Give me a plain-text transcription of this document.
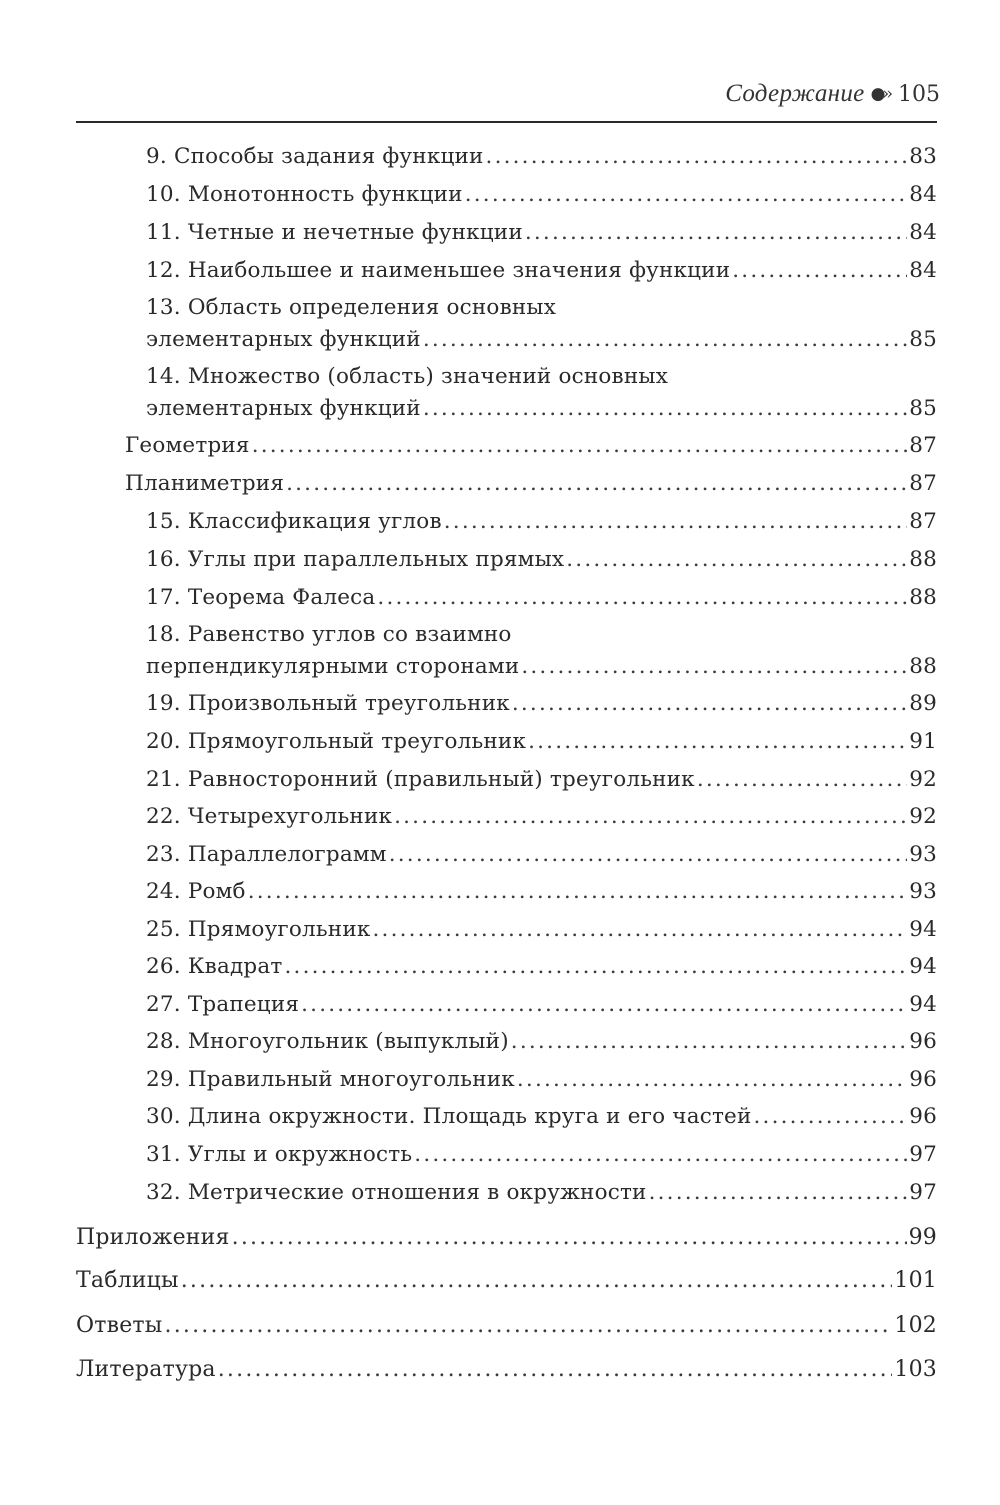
Содержание ●›› 105
9. Способы задания функции .....	83
10. Монотонность функции .....	84
11. Четные и нечетные функции .....	84
12. Наибольшее и наименьшее значения функции .....	84
13. Область определения основных
элементарных функций .....	85
14. Множество (область) значений основных
элементарных функций .....	85
Геометрия .....	87
Планиметрия .....	87
15. Классификация углов .....	87
16. Углы при параллельных прямых .....	88
17. Теорема Фалеса .....	88
18. Равенство углов со взаимно
перпендикулярными сторонами .....	88
19. Произвольный треугольник .....	89
20. Прямоугольный треугольник .....	91
21. Равносторонний (правильный) треугольник .....	92
22. Четырехугольник .....	92
23. Параллелограмм .....	93
24. Ромб .....	93
25. Прямоугольник .....	94
26. Квадрат .....	94
27. Трапеция .....	94
28. Многоугольник (выпуклый) .....	96
29. Правильный многоугольник .....	96
30. Длина окружности. Площадь круга и его частей .....	96
31. Углы и окружность .....	97
32. Метрические отношения в окружности .....	97
Приложения .....	99
Таблицы .....	101
Ответы .....	102
Литература .....	103
